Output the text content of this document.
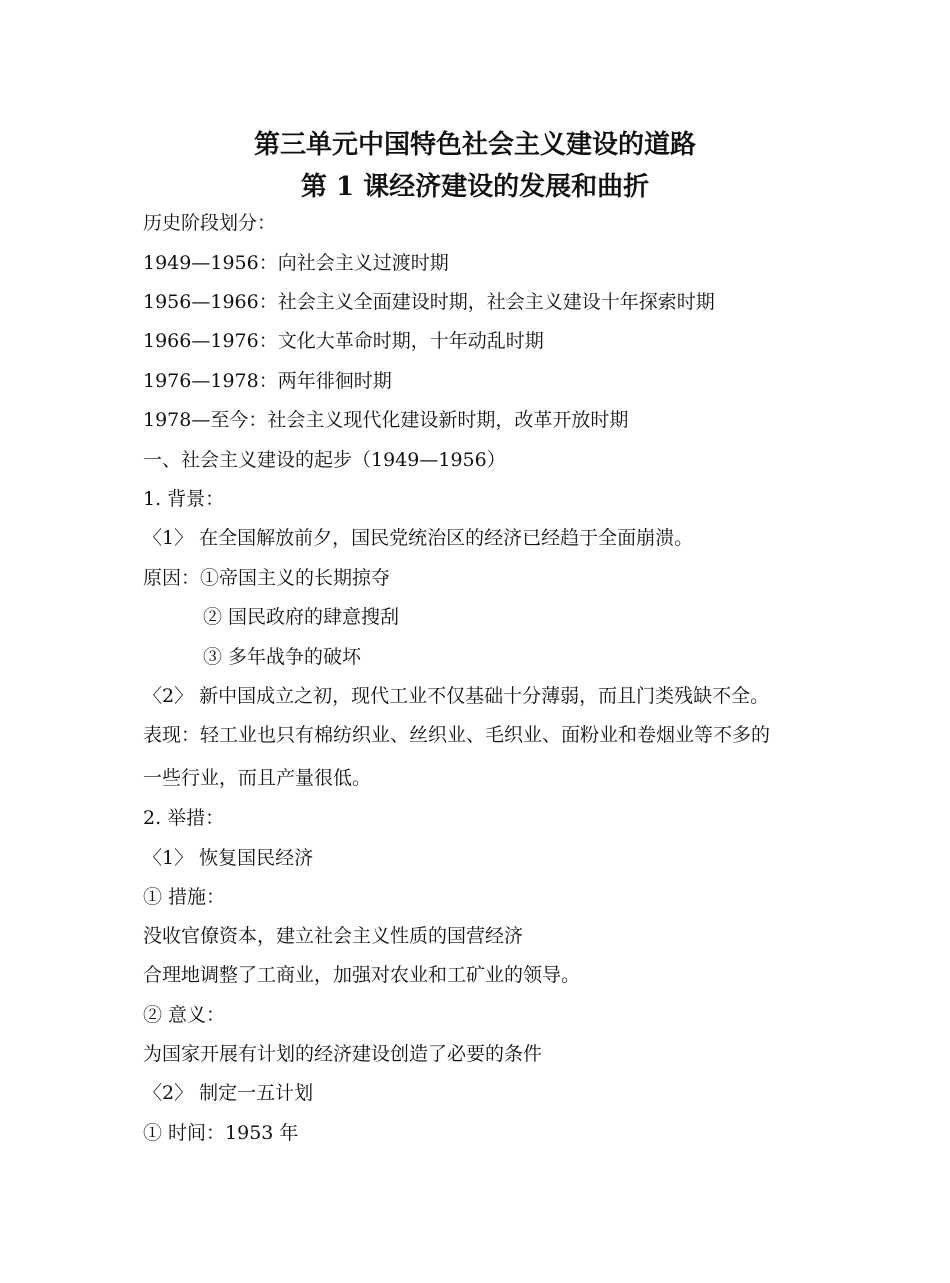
第三单元中国特色社会主义建设的道路
第 1 课经济建设的发展和曲折
历史阶段划分：
1949—1956：向社会主义过渡时期
1956—1966：社会主义全面建设时期，社会主义建设十年探索时期
1966—1976：文化大革命时期，十年动乱时期
1976—1978：两年徘徊时期
1978—至今：社会主义现代化建设新时期，改革开放时期
一、社会主义建设的起步（1949—1956）
1. 背景：
〈1〉 在全国解放前夕，国民党统治区的经济已经趋于全面崩溃。
原因：①帝国主义的长期掠夺
② 国民政府的肆意搜刮
③ 多年战争的破坏
〈2〉 新中国成立之初，现代工业不仅基础十分薄弱，而且门类残缺不全。
表现：轻工业也只有棉纺织业、丝织业、毛织业、面粉业和卷烟业等不多的
一些行业，而且产量很低。
2. 举措：
〈1〉 恢复国民经济
① 措施：
没收官僚资本，建立社会主义性质的国营经济
合理地调整了工商业，加强对农业和工矿业的领导。
② 意义：
为国家开展有计划的经济建设创造了必要的条件
〈2〉 制定一五计划
① 时间：1953 年
